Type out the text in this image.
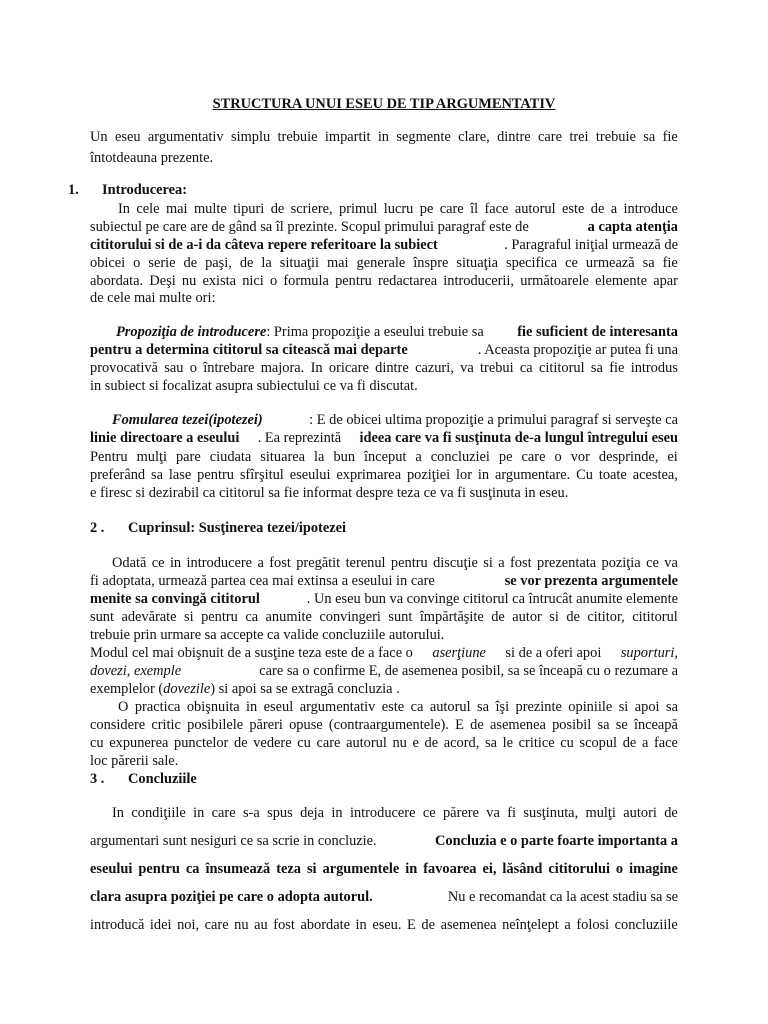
STRUCTURA UNUI ESEU DE TIP ARGUMENTATIV
Un eseu argumentativ simplu trebuie impartit in segmente clare, dintre care trei trebuie sa fie
întotdeauna prezente.
1. Introducerea:
In cele mai multe tipuri de scriere, primul lucru pe care îl face autorul este de a introduce
subiectul pe care are de gând sa îl prezinte. Scopul primului paragraf este de	a capta atenţia
cititorului si de a-i da câteva repere referitoare la subiect	. Paragraful iniţial urmează de
obicei o serie de paşi, de la situaţii mai generale înspre situaţia specifica ce urmează sa fie
abordata. Deşi nu exista nici o formula pentru redactarea introducerii, următoarele elemente apar
de cele mai multe ori:
Propoziţia de introducere: Prima propoziţie a eseului trebuie sa fie suficient de interesanta
pentru a determina cititorul sa citească mai departe	. Aceasta propoziţie ar putea fi una
provocativă sau o întrebare majora. In oricare dintre cazuri, va trebui ca cititorul sa fie introdus
in subiect si focalizat asupra subiectului ce va fi discutat.
Fomularea tezei(ipotezei)	: E de obicei ultima propoziţie a primului paragraf si serveşte ca
linie directoare a eseului . Ea reprezintă ideea care va fi susţinuta de-a lungul întregului eseu
Pentru mulţi pare ciudata situarea la bun început a concluziei pe care o vor desprinde, ei
preferând sa lase pentru sfîrşitul eseului exprimarea poziţiei lor in argumentare. Cu toate acestea,
e firesc si dezirabil ca cititorul sa fie informat despre teza ce va fi susţinuta in eseu.
2 . Cuprinsul: Susţinerea tezei/ipotezei
Odată ce in introducere a fost pregătit terenul pentru discuţie si a fost prezentata poziţia ce va
fi adoptata, urmează partea cea mai extinsa a eseului in care	se vor prezenta argumentele
menite sa convingă cititorul	. Un eseu bun va convinge cititorul ca întrucât anumite elemente
sunt adevărate si pentru ca anumite convingeri sunt împărtăşite de autor si de cititor, cititorul
trebuie prin urmare sa accepte ca valide concluziile autorului.
Modul cel mai obişnuit de a susţine teza este de a face o aserţiune si de a oferi apoi suporturi,
dovezi, exemple	care sa o confirme E, de asemenea posibil, sa se înceapă cu o rezumare a
exemplelor (dovezile) si apoi sa se extragă concluzia .
O practica obişnuita in eseul argumentativ este ca autorul sa îşi prezinte opiniile si apoi sa
considere critic posibilele păreri opuse (contraargumentele). E de asemenea posibil sa se înceapă
cu expunerea punctelor de vedere cu care autorul nu e de acord, sa le critice cu scopul de a face
loc părerii sale.
3 . Concluziile
In condiţiile in care s-a spus deja in introducere ce părere va fi susţinuta, mulţi autori de
argumentari sunt nesiguri ce sa scrie in concluzie.	Concluzia e o parte foarte importanta a
eseului pentru ca însumează teza si argumentele in favoarea ei, lăsând cititorului o imagine
clara asupra poziţiei pe care o adopta autorul.	Nu e recomandat ca la acest stadiu sa se
introducă idei noi, care nu au fost abordate in eseu. E de asemenea neînţelept a folosi concluziile
